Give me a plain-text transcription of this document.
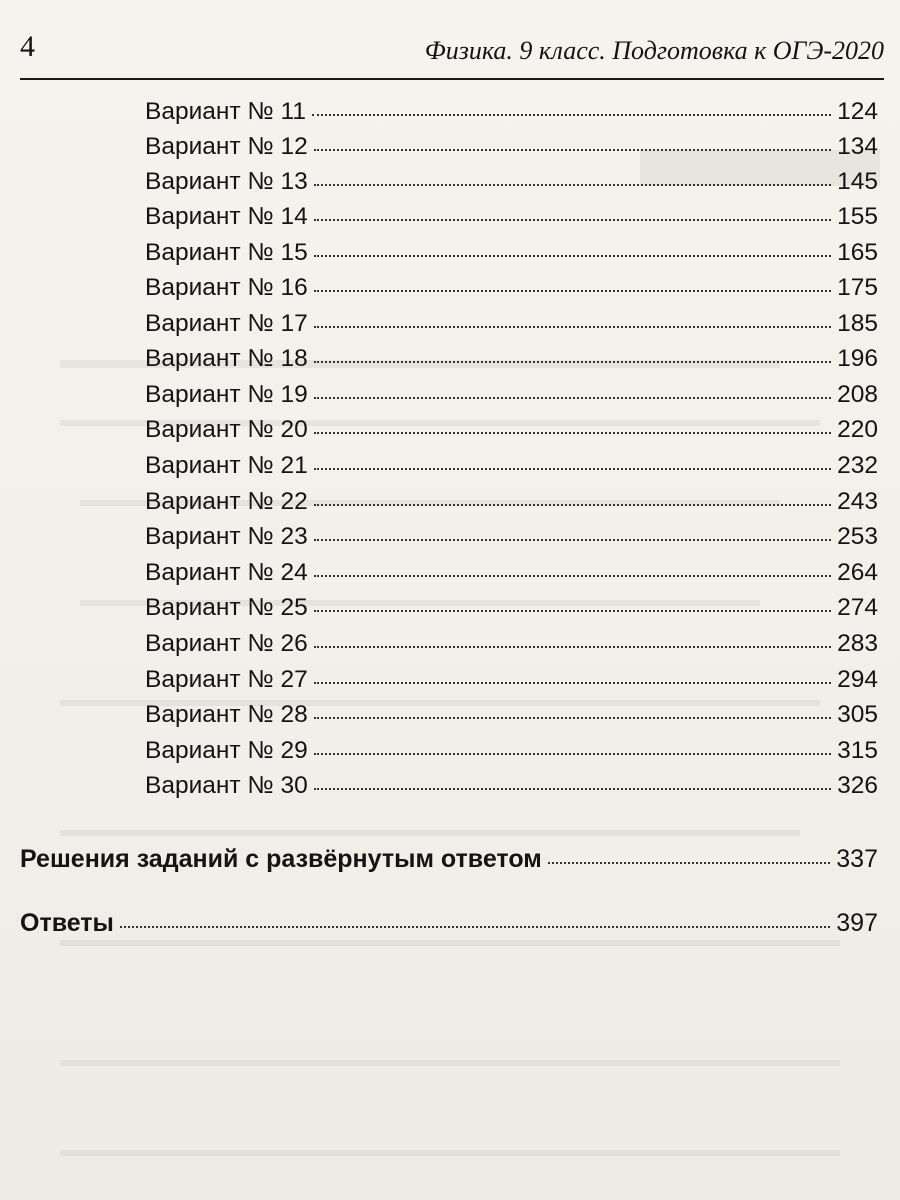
4	Физика. 9 класс. Подготовка к ОГЭ-2020
Вариант № 11	124
Вариант № 12	134
Вариант № 13	145
Вариант № 14	155
Вариант № 15	165
Вариант № 16	175
Вариант № 17	185
Вариант № 18	196
Вариант № 19	208
Вариант № 20	220
Вариант № 21	232
Вариант № 22	243
Вариант № 23	253
Вариант № 24	264
Вариант № 25	274
Вариант № 26	283
Вариант № 27	294
Вариант № 28	305
Вариант № 29	315
Вариант № 30	326
Решения заданий с развёрнутым ответом	337
Ответы	397
